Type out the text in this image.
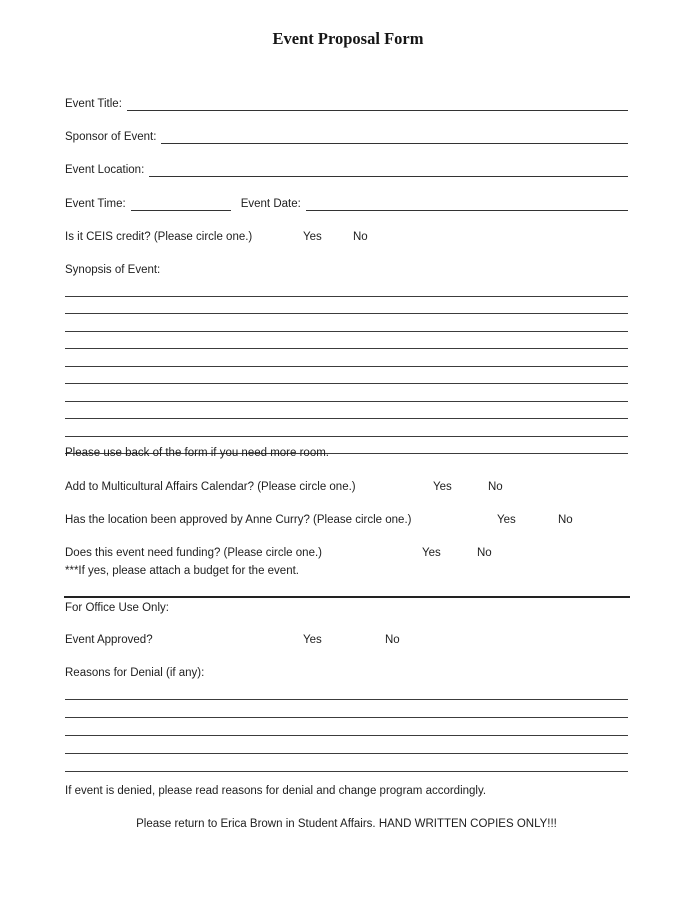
Event Proposal Form
Event Title:
Sponsor of Event:
Event Location:
Event Time:	Event Date:
Is it CEIS credit? (Please circle one.)	Yes	No
Synopsis of Event:
Please use back of the form if you need more room.
Add to Multicultural Affairs Calendar? (Please circle one.)	Yes	No
Has the location been approved by Anne Curry? (Please circle one.)	Yes	No
Does this event need funding? (Please circle one.)	Yes	No
***If yes, please attach a budget for the event.
For Office Use Only:
Event Approved?	Yes	No
Reasons for Denial (if any):
If event is denied, please read reasons for denial and change program accordingly.
Please return to Erica Brown in Student Affairs. HAND WRITTEN COPIES ONLY!!!
